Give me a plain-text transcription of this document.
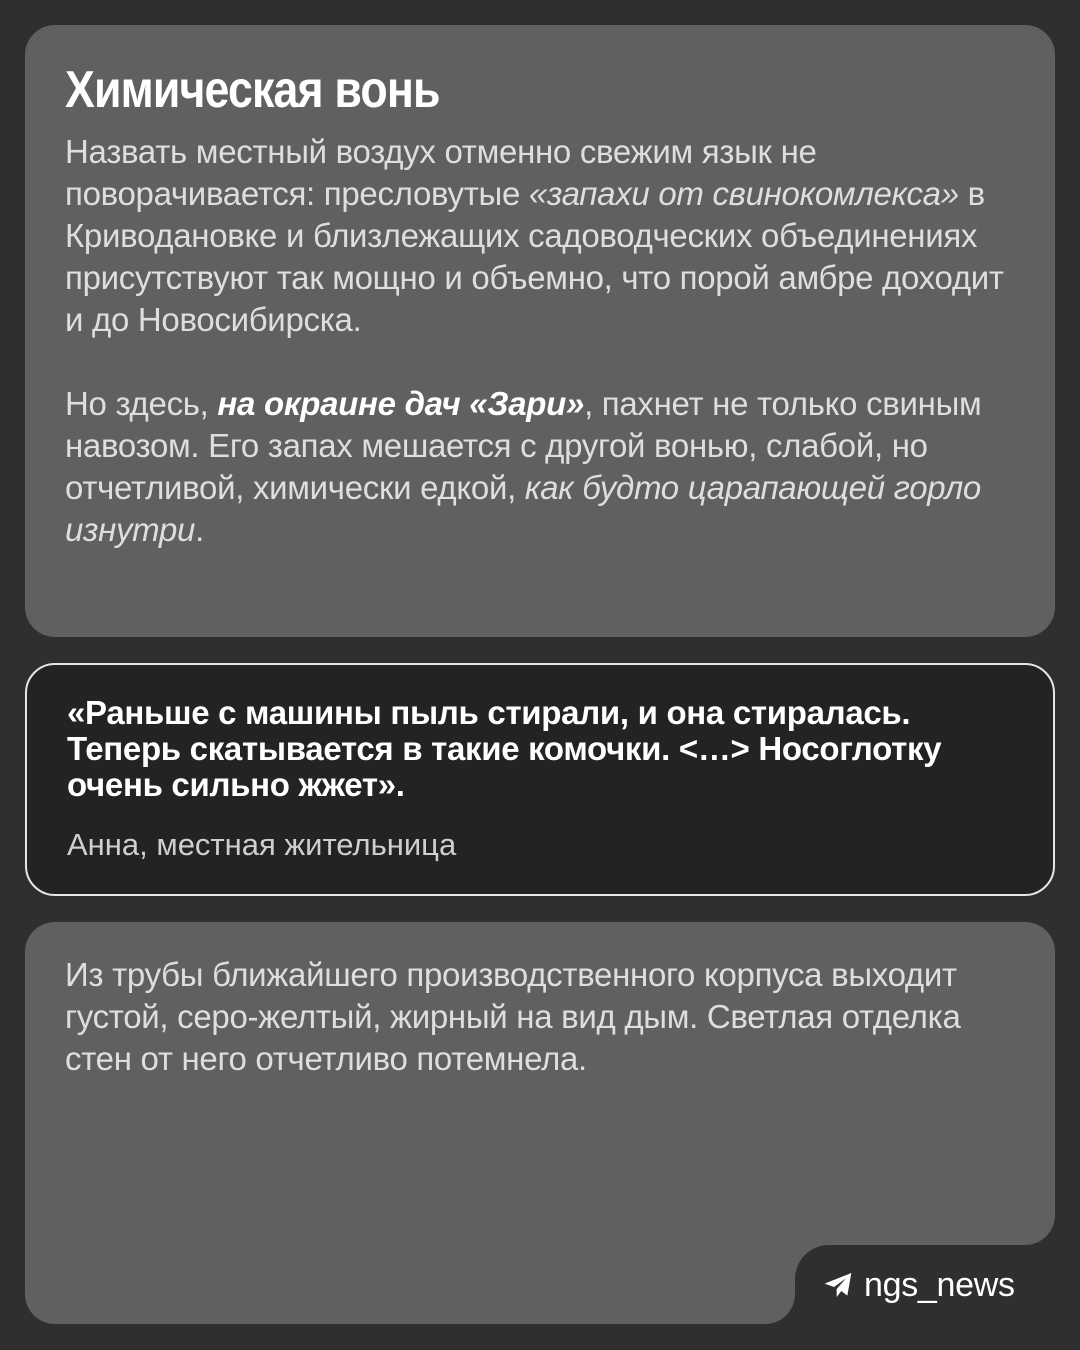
Химическая вонь

Назвать местный воздух отменно свежим язык не поворачивается: пресловутые «запахи от свинокомлекса» в Криводановке и близлежащих садоводческих объединениях присутствуют так мощно и объемно, что порой амбре доходит и до Новосибирска.

Но здесь, на окраине дач «Зари», пахнет не только свиным навозом. Его запах мешается с другой вонью, слабой, но отчетливой, химически едкой, как будто царапающей горло изнутри.

«Раньше с машины пыль стирали, и она стиралась. Теперь скатывается в такие комочки. <…> Носоглотку очень сильно жжет».

Анна, местная жительница

Из трубы ближайшего производственного корпуса выходит густой, серо-желтый, жирный на вид дым. Светлая отделка стен от него отчетливо потемнела.

ngs_news
